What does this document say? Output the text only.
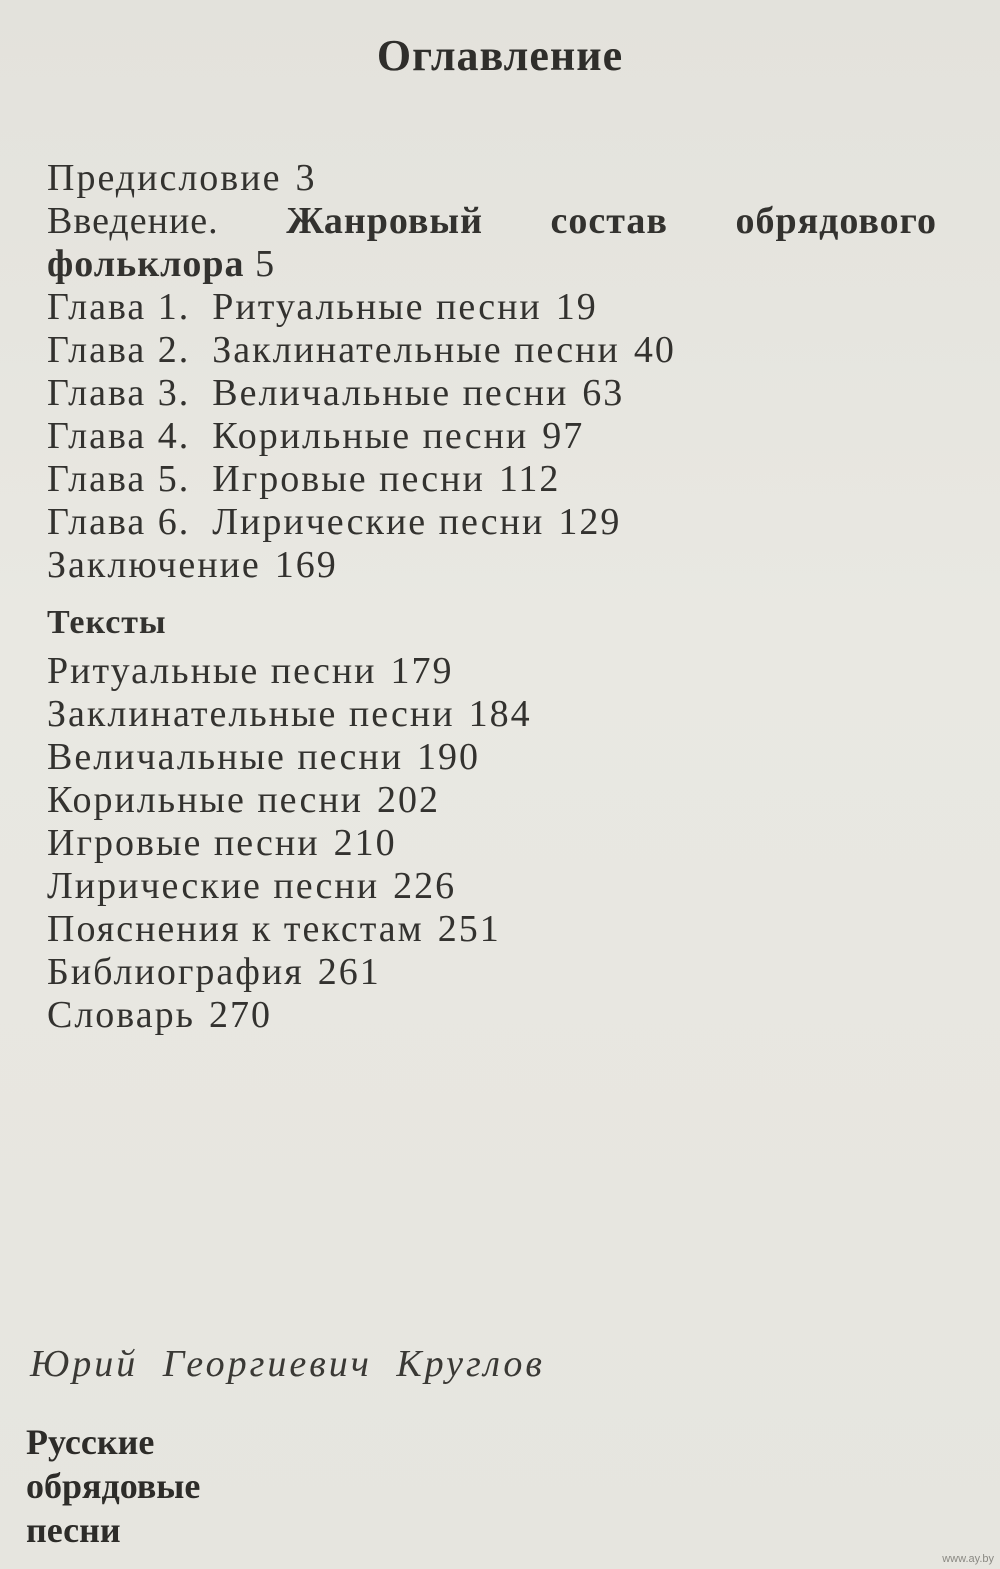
Оглавление
Предисловие 3
Введение. Жанровый состав обрядового
фольклора 5
Глава 1. Ритуальные песни 19
Глава 2. Заклинательные песни 40
Глава 3. Величальные песни 63
Глава 4. Корильные песни 97
Глава 5. Игровые песни 112
Глава 6. Лирические песни 129
Заключение 169
Тексты
Ритуальные песни 179
Заклинательные песни 184
Величальные песни 190
Корильные песни 202
Игровые песни 210
Лирические песни 226
Пояснения к текстам 251
Библиография 261
Словарь 270
Юрий Георгиевич Круглов
Русские
обрядовые
песни
www.ay.by
